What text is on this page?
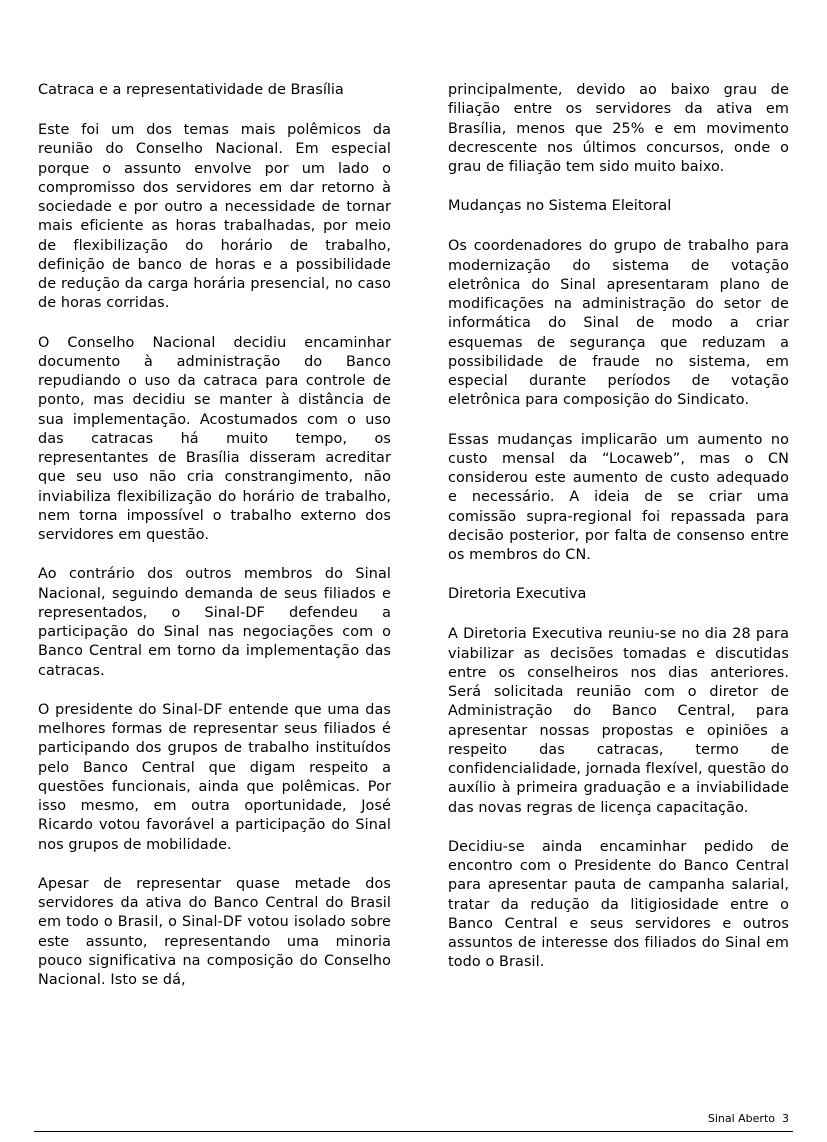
Catraca e a representatividade de Brasília

Este foi um dos temas mais polêmicos da reunião do Conselho Nacional. Em especial porque o assunto envolve por um lado o compromisso dos servidores em dar retorno à sociedade e por outro a necessidade de tornar mais eficiente as horas trabalhadas, por meio de flexibilização do horário de trabalho, definição de banco de horas e a possibilidade de redução da carga horária presencial, no caso de horas corridas.

O Conselho Nacional decidiu encaminhar documento à administração do Banco repudiando o uso da catraca para controle de ponto, mas decidiu se manter à distância de sua implementação. Acostumados com o uso das catracas há muito tempo, os representantes de Brasília disseram acreditar que seu uso não cria constrangimento, não inviabiliza flexibilização do horário de trabalho, nem torna impossível o trabalho externo dos servidores em questão.

Ao contrário dos outros membros do Sinal Nacional, seguindo demanda de seus filiados e representados, o Sinal-DF defendeu a participação do Sinal nas negociações com o Banco Central em torno da implementação das catracas.

O presidente do Sinal-DF entende que uma das melhores formas de representar seus filiados é participando dos grupos de trabalho instituídos pelo Banco Central que digam respeito a questões funcionais, ainda que polêmicas. Por isso mesmo, em outra oportunidade, José Ricardo votou favorável a participação do Sinal nos grupos de mobilidade.

Apesar de representar quase metade dos servidores da ativa do Banco Central do Brasil em todo o Brasil, o Sinal-DF votou isolado sobre este assunto, representando uma minoria pouco significativa na composição do Conselho Nacional. Isto se dá,

principalmente, devido ao baixo grau de filiação entre os servidores da ativa em Brasília, menos que 25% e em movimento decrescente nos últimos concursos, onde o grau de filiação tem sido muito baixo.

Mudanças no Sistema Eleitoral

Os coordenadores do grupo de trabalho para modernização do sistema de votação eletrônica do Sinal apresentaram plano de modificações na administração do setor de informática do Sinal de modo a criar esquemas de segurança que reduzam a possibilidade de fraude no sistema, em especial durante períodos de votação eletrônica para composição do Sindicato.

Essas mudanças implicarão um aumento no custo mensal da “Locaweb”, mas o CN considerou este aumento de custo adequado e necessário. A ideia de se criar uma comissão supra-regional foi repassada para decisão posterior, por falta de consenso entre os membros do CN.

Diretoria Executiva

A Diretoria Executiva reuniu-se no dia 28 para viabilizar as decisões tomadas e discutidas entre os conselheiros nos dias anteriores. Será solicitada reunião com o diretor de Administração do Banco Central, para apresentar nossas propostas e opiniões a respeito das catracas, termo de confidencialidade, jornada flexível, questão do auxílio à primeira graduação e a inviabilidade das novas regras de licença capacitação.

Decidiu-se ainda encaminhar pedido de encontro com o Presidente do Banco Central para apresentar pauta de campanha salarial, tratar da redução da litigiosidade entre o Banco Central e seus servidores e outros assuntos de interesse dos filiados do Sinal em todo o Brasil.

Sinal Aberto 3
